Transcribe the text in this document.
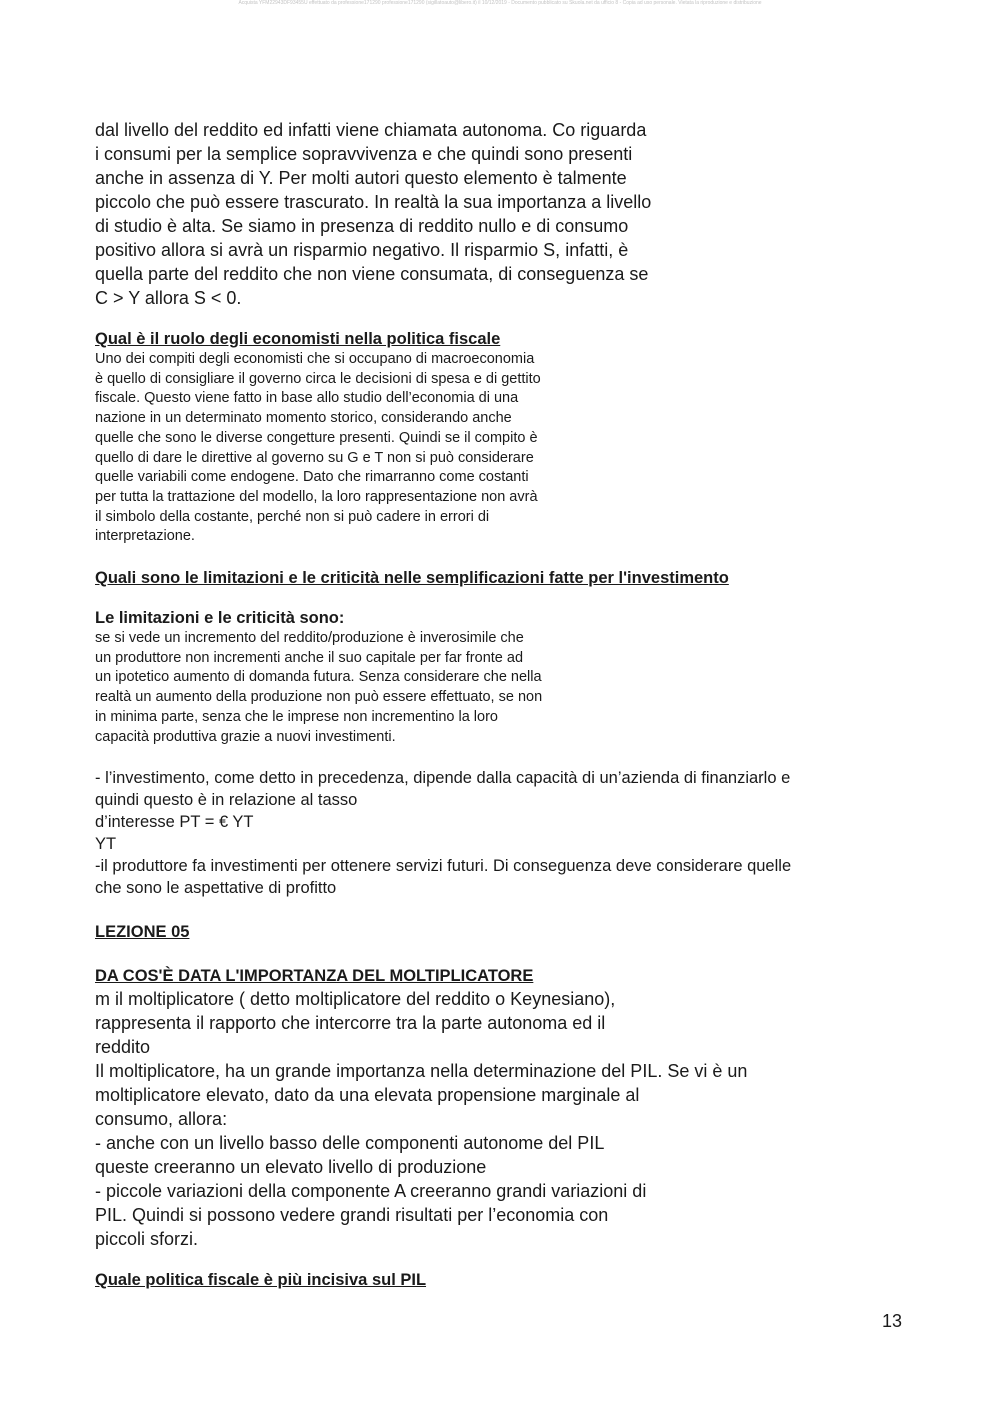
Acquista YFM22943DF93455U effettuato da professione171290 professione171290 (sigillatoauto@libero.it) il 10/12/2019 - Documento pubblicato su Skuola.net da ufficio 8 - Copia ad uso personale. Vietata la riproduzione e distribuzione

dal livello del reddito ed infatti viene chiamata autonoma. Co riguarda
i consumi per la semplice sopravvivenza e che quindi sono presenti
anche in assenza di Y. Per molti autori questo elemento è talmente
piccolo che può essere trascurato. In realtà la sua importanza a livello
di studio è alta. Se siamo in presenza di reddito nullo e di consumo
positivo allora si avrà un risparmio negativo. Il risparmio S, infatti, è
quella parte del reddito che non viene consumata, di conseguenza se
C > Y allora S < 0.

Qual è il ruolo degli economisti nella politica fiscale

Uno dei compiti degli economisti che si occupano di macroeconomia
è quello di consigliare il governo circa le decisioni di spesa e di gettito
fiscale. Questo viene fatto in base allo studio dell’economia di una
nazione in un determinato momento storico, considerando anche
quelle che sono le diverse congetture presenti. Quindi se il compito è
quello di dare le direttive al governo su G e T non si può considerare
quelle variabili come endogene. Dato che rimarranno come costanti
per tutta la trattazione del modello, la loro rappresentazione non avrà
il simbolo della costante, perché non si può cadere in errori di
interpretazione.

Quali sono le limitazioni e le criticità nelle semplificazioni fatte per l'investimento

Le limitazioni e le criticità sono:

se si vede un incremento del reddito/produzione è inverosimile che
un produttore non incrementi anche il suo capitale per far fronte ad
un ipotetico aumento di domanda futura. Senza considerare che nella
realtà un aumento della produzione non può essere effettuato, se non
in minima parte, senza che le imprese non incrementino la loro
capacità produttiva grazie a nuovi investimenti.

- l’investimento, come detto in precedenza, dipende dalla capacità di un’azienda di finanziarlo e
quindi questo è in relazione al tasso
d’interesse PT = € YT
YT
-il produttore fa investimenti per ottenere servizi futuri. Di conseguenza deve considerare quelle
che sono le aspettative di profitto

LEZIONE 05

DA COS'È DATA L'IMPORTANZA DEL MOLTIPLICATORE

m il moltiplicatore ( detto moltiplicatore del reddito o Keynesiano),
rappresenta il rapporto che intercorre tra la parte autonoma ed il
reddito
Il moltiplicatore, ha un grande importanza nella determinazione del PIL. Se vi è un
moltiplicatore elevato, dato da una elevata propensione marginale al
consumo, allora:
- anche con un livello basso delle componenti autonome del PIL
queste creeranno un elevato livello di produzione
- piccole variazioni della componente A creeranno grandi variazioni di
PIL. Quindi si possono vedere grandi risultati per l’economia con
piccoli sforzi.

Quale politica fiscale è più incisiva sul PIL

13
